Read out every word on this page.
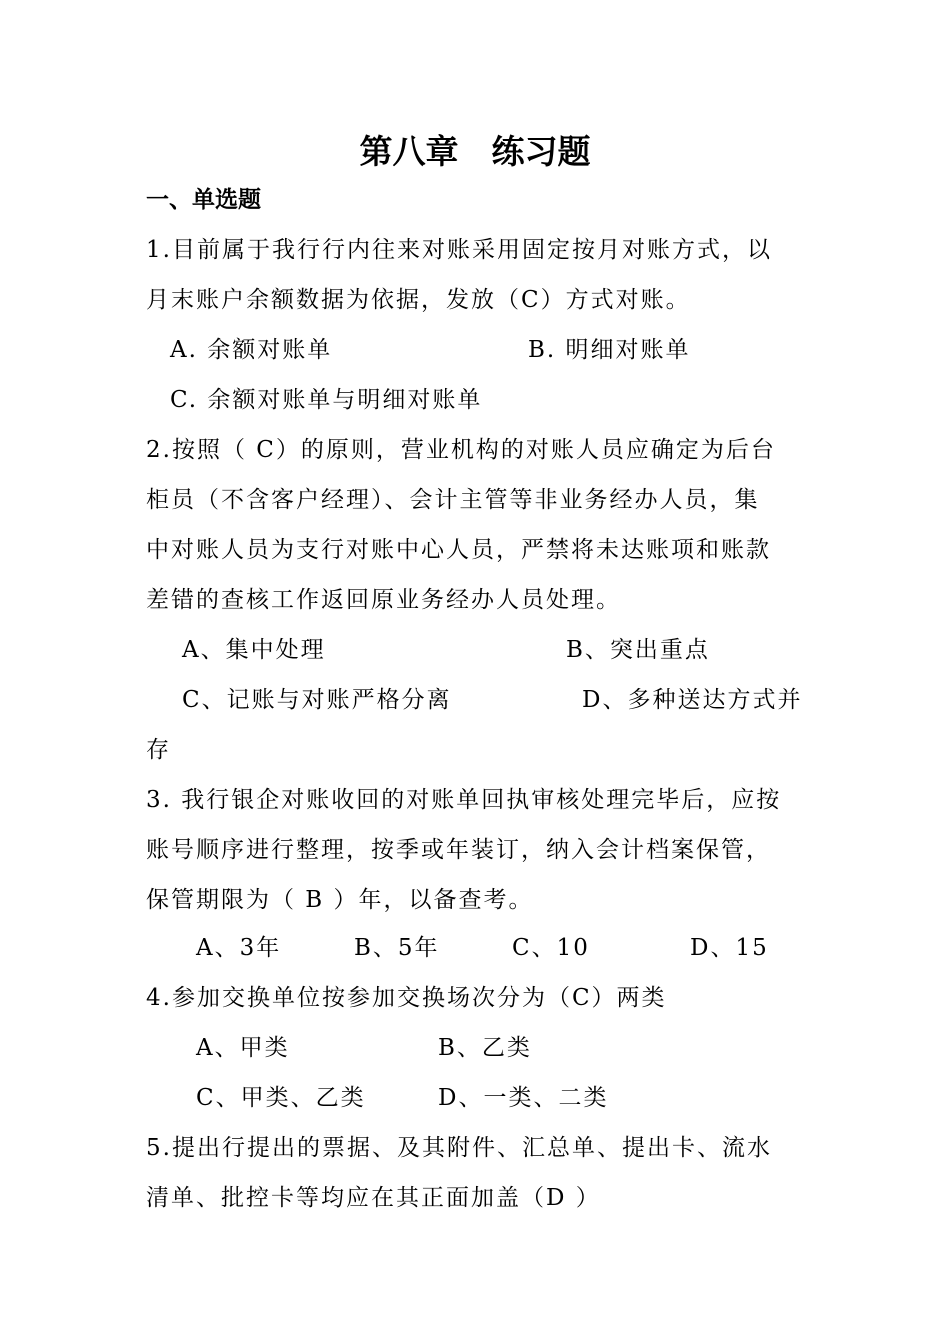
第八章　练习题
一、单选题
1.目前属于我行行内往来对账采用固定按月对账方式，以
月末账户余额数据为依据，发放（C）方式对账。
A. 余额对账单	B. 明细对账单
C. 余额对账单与明细对账单
2.按照（ C）的原则，营业机构的对账人员应确定为后台
柜员（不含客户经理）、会计主管等非业务经办人员，集
中对账人员为支行对账中心人员，严禁将未达账项和账款
差错的查核工作返回原业务经办人员处理。
A、集中处理	B、突出重点
C、记账与对账严格分离	D、多种送达方式并
存
3. 我行银企对账收回的对账单回执审核处理完毕后，应按
账号顺序进行整理，按季或年装订，纳入会计档案保管，
保管期限为（ B ）年，以备查考。
A、3年	B、5年	C、10	D、15
4.参加交换单位按参加交换场次分为（C）两类
A、甲类	B、乙类
C、甲类、乙类	D、一类、二类
5.提出行提出的票据、及其附件、汇总单、提出卡、流水
清单、批控卡等均应在其正面加盖（D ）
